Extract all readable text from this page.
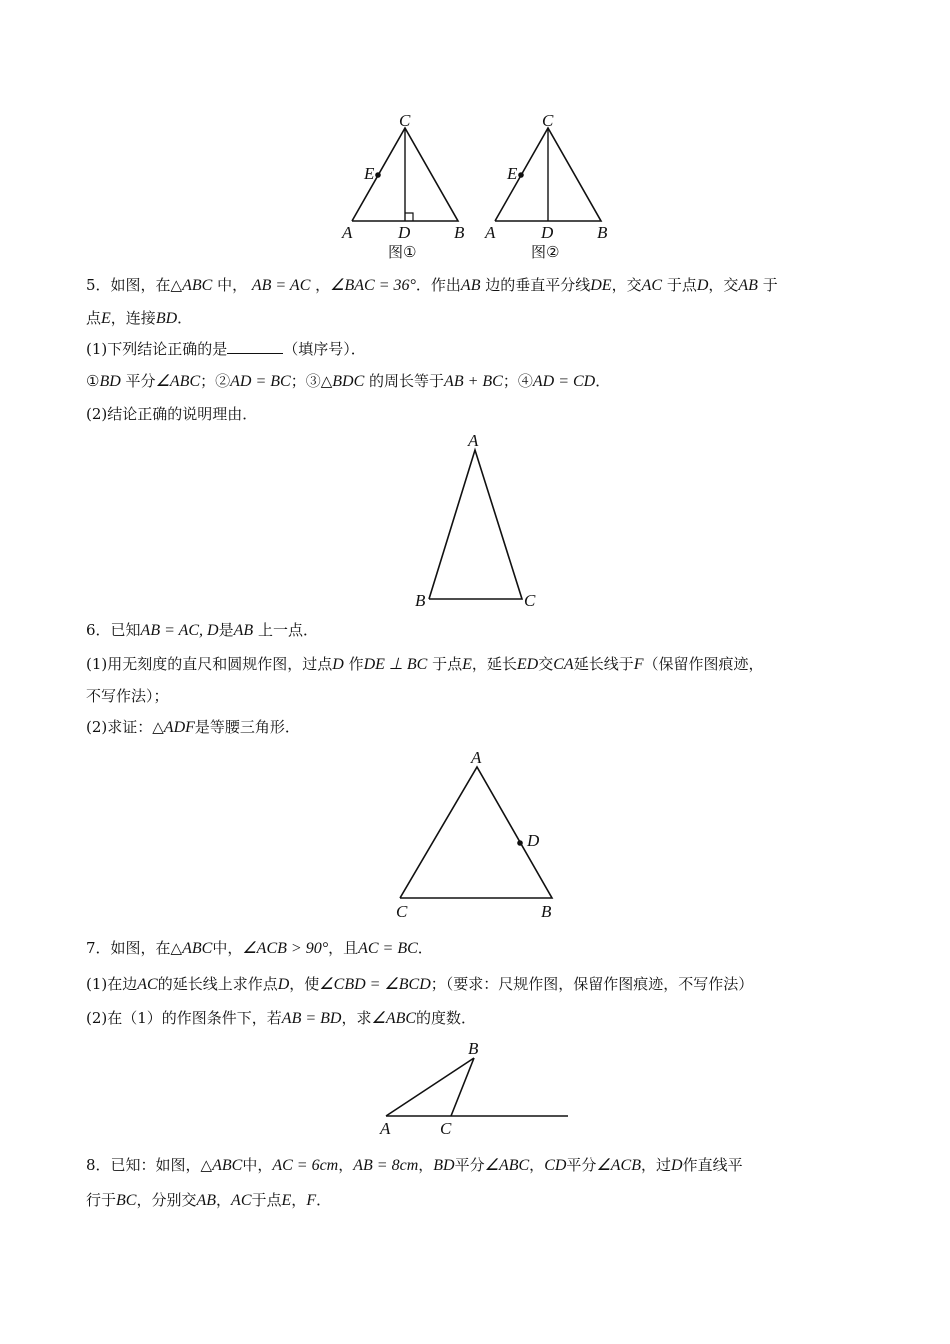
C
E
A	D	B
图①
C
E
A	D	B
图②
5．如图，在△ABC 中， AB = AC ，∠BAC = 36°．作出AB 边的垂直平分线DE，交AC 于点D，交AB 于
点E，连接BD．
(1)下列结论正确的是	（填序号）．
①BD 平分∠ABC；②AD = BC；③△BDC 的周长等于AB + BC；④AD = CD．
(2)结论正确的说明理由．
A
B	C
6．已知AB = AC, D是AB 上一点．
(1)用无刻度的直尺和圆规作图，过点D 作DE ⊥ BC 于点E，延长ED交CA延长线于F（保留作图痕迹，
不写作法）；
(2)求证：△ADF是等腰三角形．
A
D
C	B
7．如图，在△ABC中，∠ACB > 90°，且AC = BC．
(1)在边AC的延长线上求作点D，使∠CBD = ∠BCD；（要求：尺规作图，保留作图痕迹，不写作法）
(2)在（1）的作图条件下，若AB = BD，求∠ABC的度数．
B
A	C
8．已知：如图，△ABC中，AC = 6cm，AB = 8cm，BD平分∠ABC，CD平分∠ACB，过D作直线平
行于BC，分别交AB，AC于点E，F．
